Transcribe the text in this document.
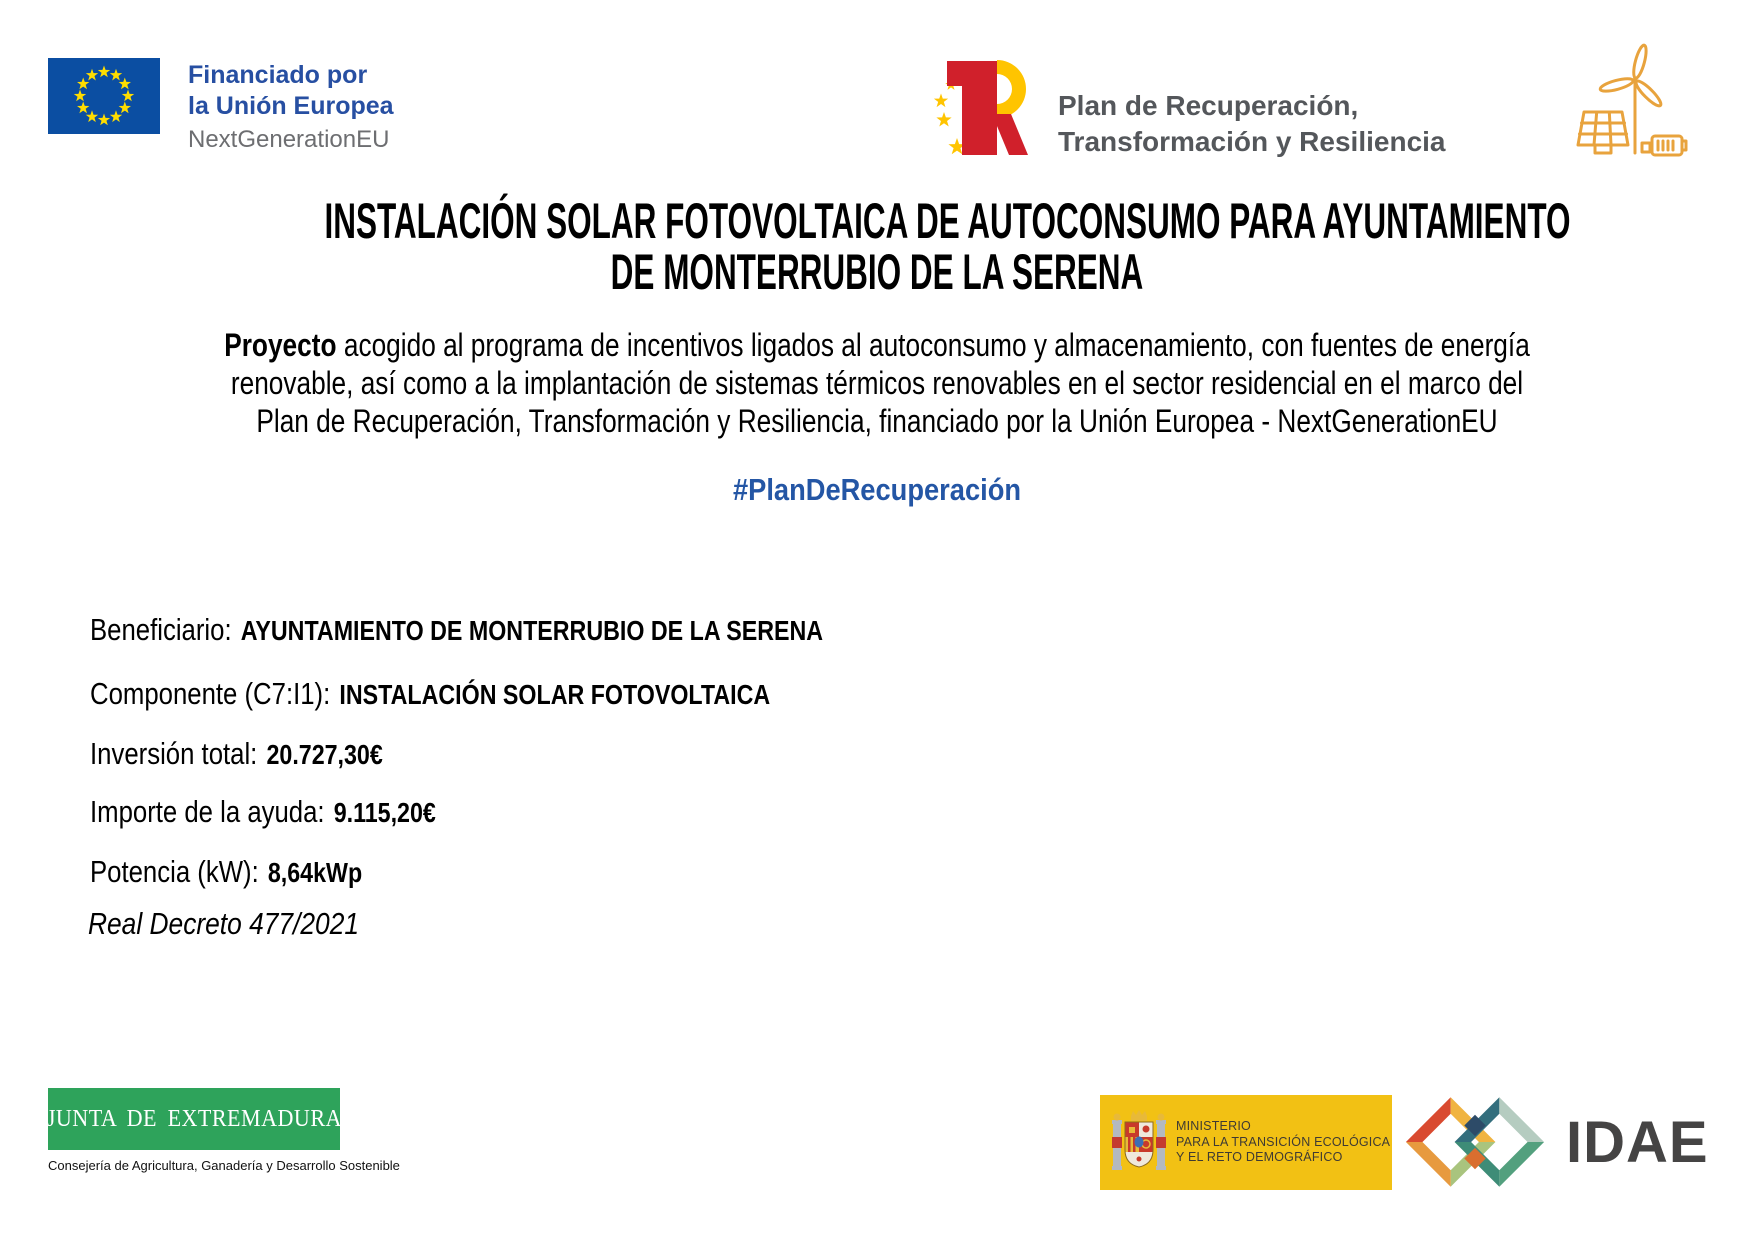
Financiado por
la Unión Europea
NextGenerationEU
Plan de Recuperación,
Transformación y Resiliencia
INSTALACIÓN SOLAR FOTOVOLTAICA DE AUTOCONSUMO PARA AYUNTAMIENTO
DE MONTERRUBIO DE LA SERENA
Proyecto acogido al programa de incentivos ligados al autoconsumo y almacenamiento, con fuentes de energía
renovable, así como a la implantación de sistemas térmicos renovables en el sector residencial en el marco del
Plan de Recuperación, Transformación y Resiliencia, financiado por la Unión Europea - NextGenerationEU
#PlanDeRecuperación
Beneficiario: AYUNTAMIENTO DE MONTERRUBIO DE LA SERENA
Componente (C7:I1): INSTALACIÓN SOLAR FOTOVOLTAICA
Inversión total: 20.727,30€
Importe de la ayuda: 9.115,20€
Potencia (kW): 8,64kWp
Real Decreto 477/2021
JUNTA DE EXTREMADURA
Consejería de Agricultura, Ganadería y Desarrollo Sostenible
MINISTERIO
PARA LA TRANSICIÓN ECOLÓGICA
Y EL RETO DEMOGRÁFICO	IDAE
